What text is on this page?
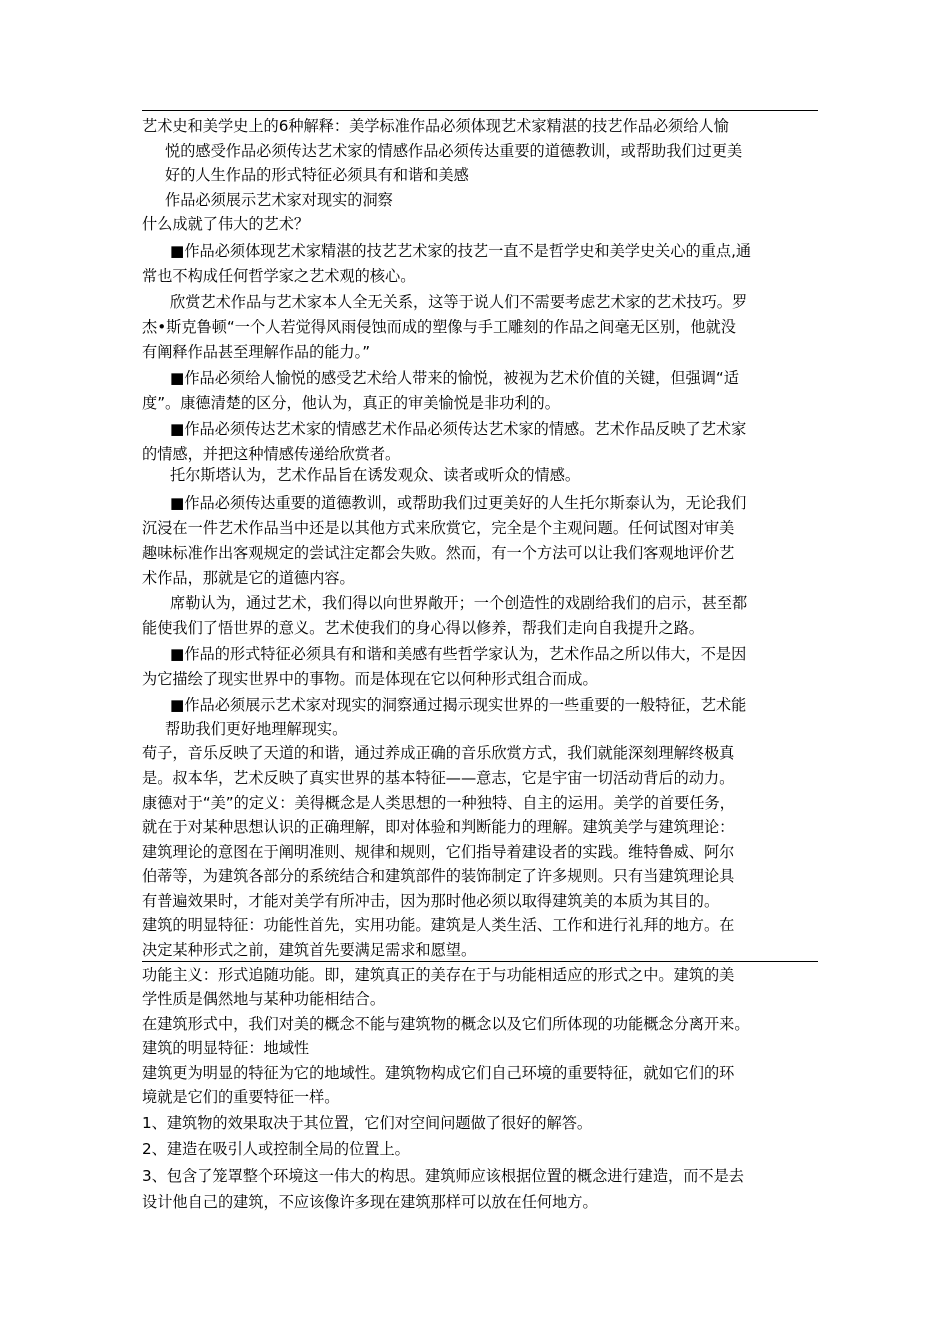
艺术史和美学史上的6种解释：美学标准作品必须体现艺术家精湛的技艺作品必须给人愉
悦的感受作品必须传达艺术家的情感作品必须传达重要的道德教训，或帮助我们过更美
好的人生作品的形式特征必须具有和谐和美感
作品必须展示艺术家对现实的洞察
什么成就了伟大的艺术？
■作品必须体现艺术家精湛的技艺艺术家的技艺一直不是哲学史和美学史关心的重点,通
常也不构成任何哲学家之艺术观的核心。
欣赏艺术作品与艺术家本人全无关系，这等于说人们不需要考虑艺术家的艺术技巧。罗
杰•斯克鲁顿“一个人若觉得风雨侵蚀而成的塑像与手工雕刻的作品之间毫无区别，他就没
有阐释作品甚至理解作品的能力。”
■作品必须给人愉悦的感受艺术给人带来的愉悦，被视为艺术价值的关键，但强调“适
度”。康德清楚的区分，他认为，真正的审美愉悦是非功利的。
■作品必须传达艺术家的情感艺术作品必须传达艺术家的情感。艺术作品反映了艺术家
的情感，并把这种情感传递给欣赏者。
托尔斯塔认为，艺术作品旨在诱发观众、读者或听众的情感。
■作品必须传达重要的道德教训，或帮助我们过更美好的人生托尔斯泰认为，无论我们
沉浸在一件艺术作品当中还是以其他方式来欣赏它，完全是个主观问题。任何试图对审美
趣味标准作出客观规定的尝试注定都会失败。然而，有一个方法可以让我们客观地评价艺
术作品，那就是它的道德内容。
席勒认为，通过艺术，我们得以向世界敞开；一个创造性的戏剧给我们的启示，甚至都
能使我们了悟世界的意义。艺术使我们的身心得以修养，帮我们走向自我提升之路。
■作品的形式特征必须具有和谐和美感有些哲学家认为，艺术作品之所以伟大，不是因
为它描绘了现实世界中的事物。而是体现在它以何种形式组合而成。
■作品必须展示艺术家对现实的洞察通过揭示现实世界的一些重要的一般特征，艺术能
帮助我们更好地理解现实。
荀子，音乐反映了天道的和谐，通过养成正确的音乐欣赏方式，我们就能深刻理解终极真
是。叔本华，艺术反映了真实世界的基本特征——意志，它是宇宙一切活动背后的动力。
康德对于“美”的定义：美得概念是人类思想的一种独特、自主的运用。美学的首要任务，
就在于对某种思想认识的正确理解，即对体验和判断能力的理解。建筑美学与建筑理论：
建筑理论的意图在于阐明准则、规律和规则，它们指导着建设者的实践。维特鲁威、阿尔
伯蒂等，为建筑各部分的系统结合和建筑部件的装饰制定了许多规则。只有当建筑理论具
有普遍效果时，才能对美学有所冲击，因为那时他必须以取得建筑美的本质为其目的。
建筑的明显特征：功能性首先，实用功能。建筑是人类生活、工作和进行礼拜的地方。在
决定某种形式之前，建筑首先要满足需求和愿望。
功能主义：形式追随功能。即，建筑真正的美存在于与功能相适应的形式之中。建筑的美
学性质是偶然地与某种功能相结合。
在建筑形式中，我们对美的概念不能与建筑物的概念以及它们所体现的功能概念分离开来。
建筑的明显特征：地域性
建筑更为明显的特征为它的地域性。建筑物构成它们自己环境的重要特征，就如它们的环
境就是它们的重要特征一样。
1、建筑物的效果取决于其位置，它们对空间问题做了很好的解答。
2、建造在吸引人或控制全局的位置上。
3、包含了笼罩整个环境这一伟大的构思。建筑师应该根据位置的概念进行建造，而不是去
设计他自己的建筑，不应该像许多现在建筑那样可以放在任何地方。
